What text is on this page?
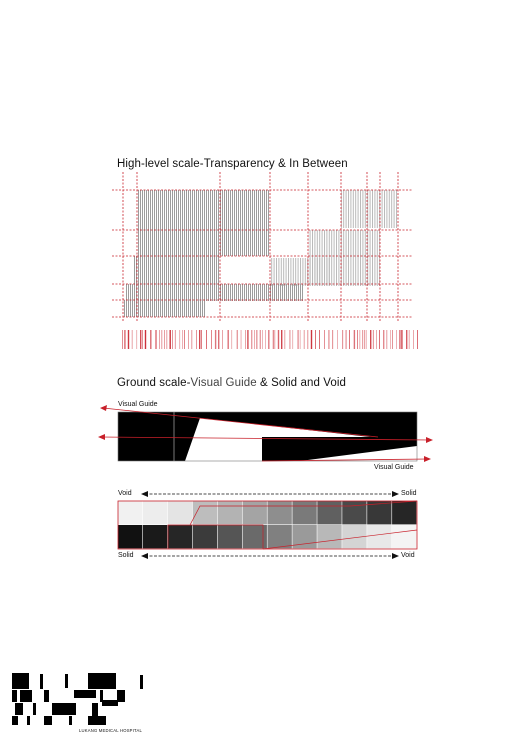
High-level scale-Transparency & In Between
Ground scale-Visual Guide & Solid and Void
Visual Guide
Visual Guide
Void	Solid
Solid	Void
LUKANG MEDICAL HOSPITAL
